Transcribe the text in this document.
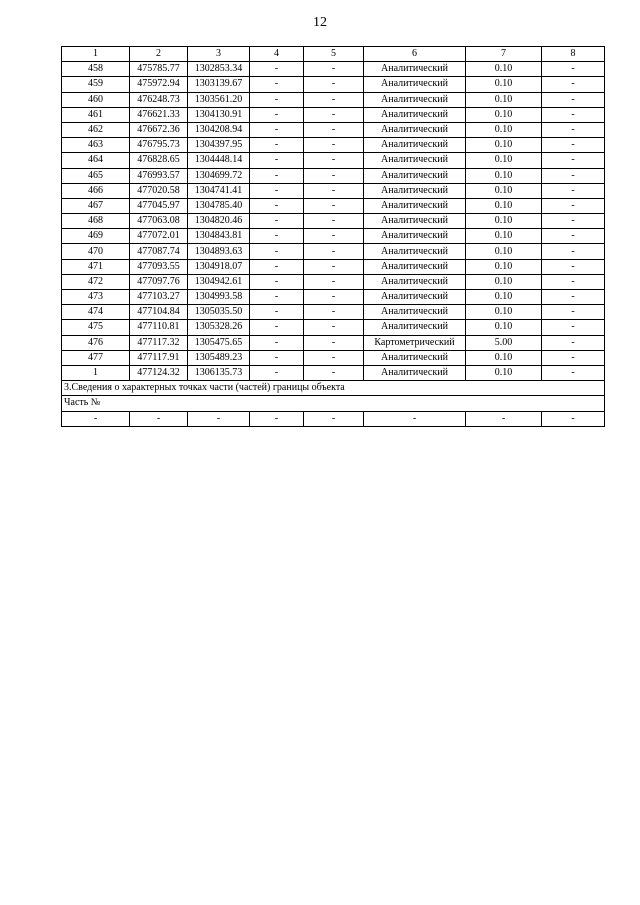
12
1	2	3	4	5	6	7	8
458	475785.77	1302853.34	-	-	Аналитический	0.10	-
459	475972.94	1303139.67	-	-	Аналитический	0.10	-
460	476248.73	1303561.20	-	-	Аналитический	0.10	-
461	476621.33	1304130.91	-	-	Аналитический	0.10	-
462	476672.36	1304208.94	-	-	Аналитический	0.10	-
463	476795.73	1304397.95	-	-	Аналитический	0.10	-
464	476828.65	1304448.14	-	-	Аналитический	0.10	-
465	476993.57	1304699.72	-	-	Аналитический	0.10	-
466	477020.58	1304741.41	-	-	Аналитический	0.10	-
467	477045.97	1304785.40	-	-	Аналитический	0.10	-
468	477063.08	1304820.46	-	-	Аналитический	0.10	-
469	477072.01	1304843.81	-	-	Аналитический	0.10	-
470	477087.74	1304893.63	-	-	Аналитический	0.10	-
471	477093.55	1304918.07	-	-	Аналитический	0.10	-
472	477097.76	1304942.61	-	-	Аналитический	0.10	-
473	477103.27	1304993.58	-	-	Аналитический	0.10	-
474	477104.84	1305035.50	-	-	Аналитический	0.10	-
475	477110.81	1305328.26	-	-	Аналитический	0.10	-
476	477117.32	1305475.65	-	-	Картометрический	5.00	-
477	477117.91	1305489.23	-	-	Аналитический	0.10	-
1	477124.32	1306135.73	-	-	Аналитический	0.10	-
3.Сведения о характерных точках части (частей) границы объекта							
Часть №							
-	-	-	-	-	-	-	-
